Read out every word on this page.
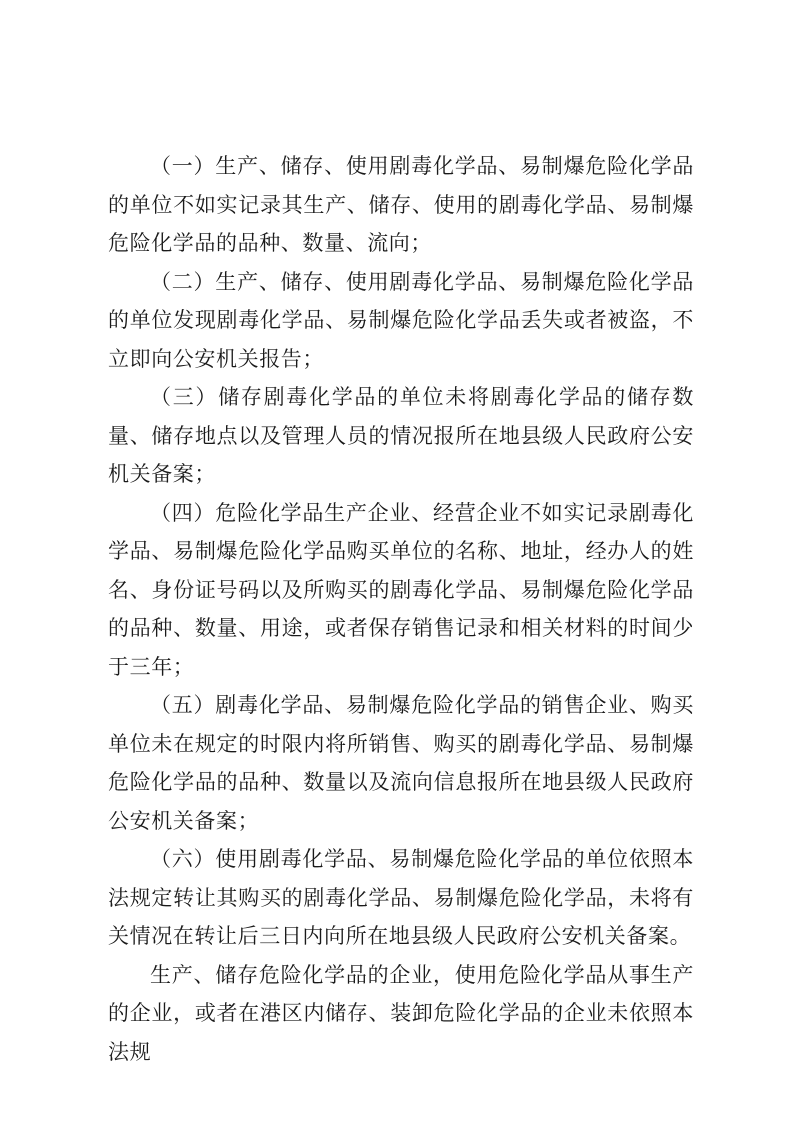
（一）生产、储存、使用剧毒化学品、易制爆危险化学品的单位不如实记录其生产、储存、使用的剧毒化学品、易制爆危险化学品的品种、数量、流向；

（二）生产、储存、使用剧毒化学品、易制爆危险化学品的单位发现剧毒化学品、易制爆危险化学品丢失或者被盗，不立即向公安机关报告；

（三）储存剧毒化学品的单位未将剧毒化学品的储存数量、储存地点以及管理人员的情况报所在地县级人民政府公安机关备案；

（四）危险化学品生产企业、经营企业不如实记录剧毒化学品、易制爆危险化学品购买单位的名称、地址，经办人的姓名、身份证号码以及所购买的剧毒化学品、易制爆危险化学品的品种、数量、用途，或者保存销售记录和相关材料的时间少于三年；

（五）剧毒化学品、易制爆危险化学品的销售企业、购买单位未在规定的时限内将所销售、购买的剧毒化学品、易制爆危险化学品的品种、数量以及流向信息报所在地县级人民政府公安机关备案；

（六）使用剧毒化学品、易制爆危险化学品的单位依照本法规定转让其购买的剧毒化学品、易制爆危险化学品，未将有关情况在转让后三日内向所在地县级人民政府公安机关备案。

生产、储存危险化学品的企业，使用危险化学品从事生产的企业，或者在港区内储存、装卸危险化学品的企业未依照本法规
